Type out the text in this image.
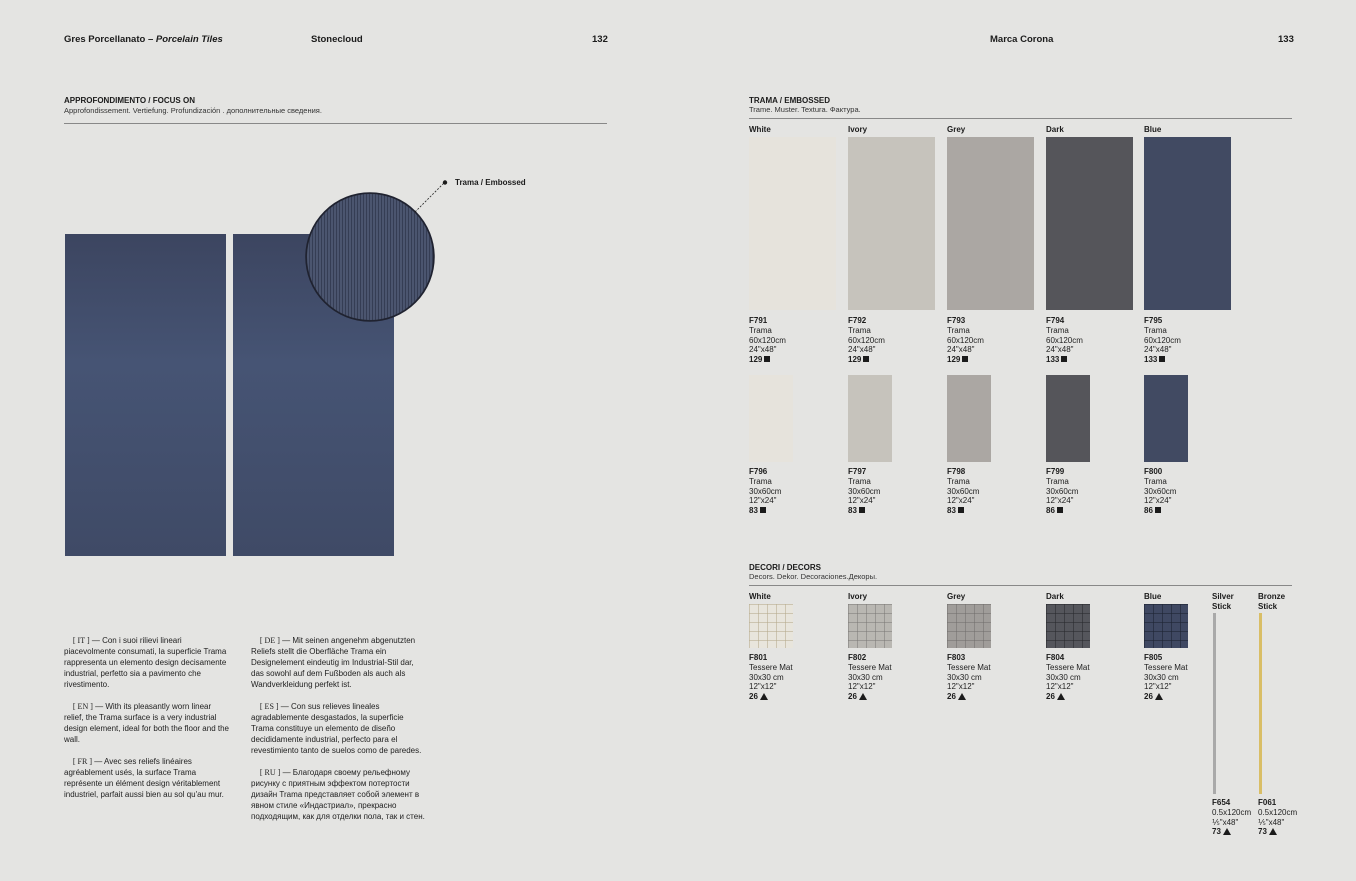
Gres Porcellanato – Porcelain Tiles	Stonecloud	132	Marca Corona	133
APPROFONDIMENTO / FOCUS ON
Approfondissement. Vertiefung. Profundización . дополнительные сведения.
Trama / Embossed
[ IT ] — Con i suoi rilievi lineari piacevolmente consumati, la superficie Trama rappresenta un elemento design decisamente industrial, perfetto sia a pavimento che rivestimento.
[ EN ] — With its pleasantly worn linear relief, the Trama surface is a very industrial design element, ideal for both the floor and the wall.
[ FR ] — Avec ses reliefs linéaires agréablement usés, la surface Trama représente un élément design véritablement industriel, parfait aussi bien au sol qu'au mur.
[ DE ] — Mit seinen angenehm abgenutzten Reliefs stellt die Oberfläche Trama ein Designelement eindeutig im Industrial-Stil dar, das sowohl auf dem Fußboden als auch als Wandverkleidung perfekt ist.
[ ES ] — Con sus relieves lineales agradablemente desgastados, la superficie Trama constituye un elemento de diseño decididamente industrial, perfecto para el revestimiento tanto de suelos como de paredes.
[ RU ] — Благодаря своему рельефному рисунку с приятным эффектом потертости дизайн Trama представляет собой элемент в явном стиле «Индастриал», прекрасно подходящим, как для отделки пола, так и стен.
TRAMA / EMBOSSED
Trame. Muster. Textura. Фактура.
White	Ivory	Grey	Dark	Blue
F791
Trama
60x120cm
24"x48"
129
F792
Trama
60x120cm
24"x48"
129
F793
Trama
60x120cm
24"x48"
129
F794
Trama
60x120cm
24"x48"
133
F795
Trama
60x120cm
24"x48"
133
F796
Trama
30x60cm
12"x24"
83
F797
Trama
30x60cm
12"x24"
83
F798
Trama
30x60cm
12"x24"
83
F799
Trama
30x60cm
12"x24"
86
F800
Trama
30x60cm
12"x24"
86
DECORI / DECORS
Decors. Dekor. Decoraciones.Декоры.
White	Ivory	Grey	Dark	Blue	Silver
Stick
Bronze
Stick
F801
Tessere Mat
30x30 cm
12"x12"
26
F802
Tessere Mat
30x30 cm
12"x12"
26
F803
Tessere Mat
30x30 cm
12"x12"
26
F804
Tessere Mat
30x30 cm
12"x12"
26
F805
Tessere Mat
30x30 cm
12"x12"
26
F654
0.5x120cm
⅕"x48"
73
F061
0.5x120cm
⅕"x48"
73
